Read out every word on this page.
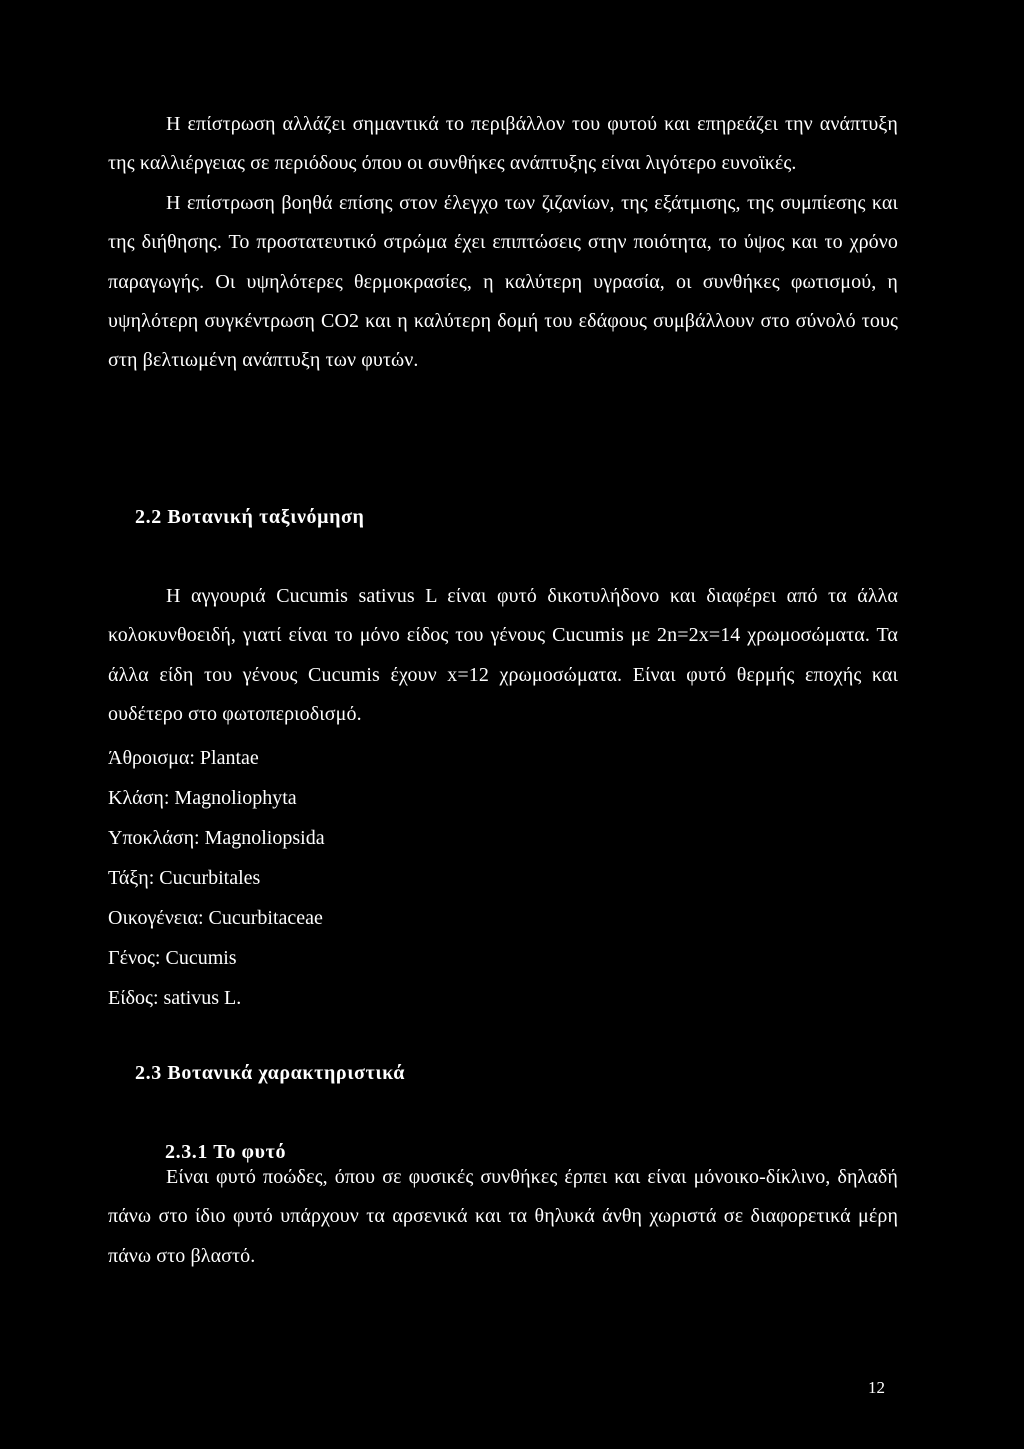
Η επίστρωση αλλάζει σημαντικά το περιβάλλον του φυτού και επηρεάζει την ανάπτυξη της καλλιέργειας σε περιόδους όπου οι συνθήκες ανάπτυξης είναι λιγότερο ευνοϊκές.
Η επίστρωση βοηθά επίσης στον έλεγχο των ζιζανίων, της εξάτμισης, της συμπίεσης και της διήθησης. Το προστατευτικό στρώμα έχει επιπτώσεις στην ποιότητα, το ύψος και το χρόνο παραγωγής. Οι υψηλότερες θερμοκρασίες, η καλύτερη υγρασία, οι συνθήκες φωτισμού, η υψηλότερη συγκέντρωση CO2 και η καλύτερη δομή του εδάφους συμβάλλουν στο σύνολό τους στη βελτιωμένη ανάπτυξη των φυτών.

2.2 Βοτανική ταξινόμηση

Η αγγουριά Cucumis sativus L είναι φυτό δικοτυλήδονο και διαφέρει από τα άλλα κολοκυνθοειδή, γιατί είναι το μόνο είδος του γένους Cucumis με 2n=2x=14 χρωμοσώματα. Τα άλλα είδη του γένους Cucumis έχουν x=12 χρωμοσώματα. Είναι φυτό θερμής εποχής και ουδέτερο στο φωτοπεριοδισμό.

Άθροισμα: Plantae
Κλάση: Magnoliophyta
Υποκλάση: Magnoliopsida
Τάξη: Cucurbitales
Οικογένεια: Cucurbitaceae
Γένος: Cucumis
Είδος: sativus L.
2.3 Βοτανικά χαρακτηριστικά
2.3.1 Το φυτό

Είναι φυτό ποώδες, όπου σε φυσικές συνθήκες έρπει και είναι μόνοικο-δίκλινο, δηλαδή πάνω στο ίδιο φυτό υπάρχουν τα αρσενικά και τα θηλυκά άνθη χωριστά σε διαφορετικά μέρη πάνω στο βλαστό.

12
